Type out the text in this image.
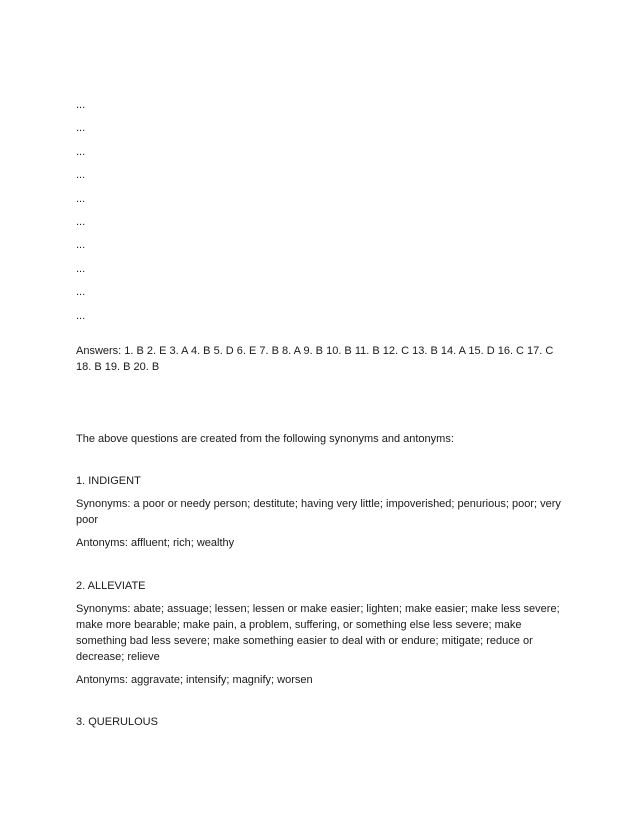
...
...
...
...
...
...
...
...
...
...

Answers: 1. B 2. E 3. A 4. B 5. D 6. E 7. B 8. A 9. B 10. B 11. B 12. C 13. B 14. A 15. D 16. C 17. C 18. B 19. B 20. B

The above questions are created from the following synonyms and antonyms:

1. INDIGENT
Synonyms: a poor or needy person; destitute; having very little; impoverished; penurious; poor; very poor
Antonyms: affluent; rich; wealthy
2. ALLEVIATE
Synonyms: abate; assuage; lessen; lessen or make easier; lighten; make easier; make less severe; make more bearable; make pain, a problem, suffering, or something else less severe; make something bad less severe; make something easier to deal with or endure; mitigate; reduce or decrease; relieve
Antonyms: aggravate; intensify; magnify; worsen
3. QUERULOUS
